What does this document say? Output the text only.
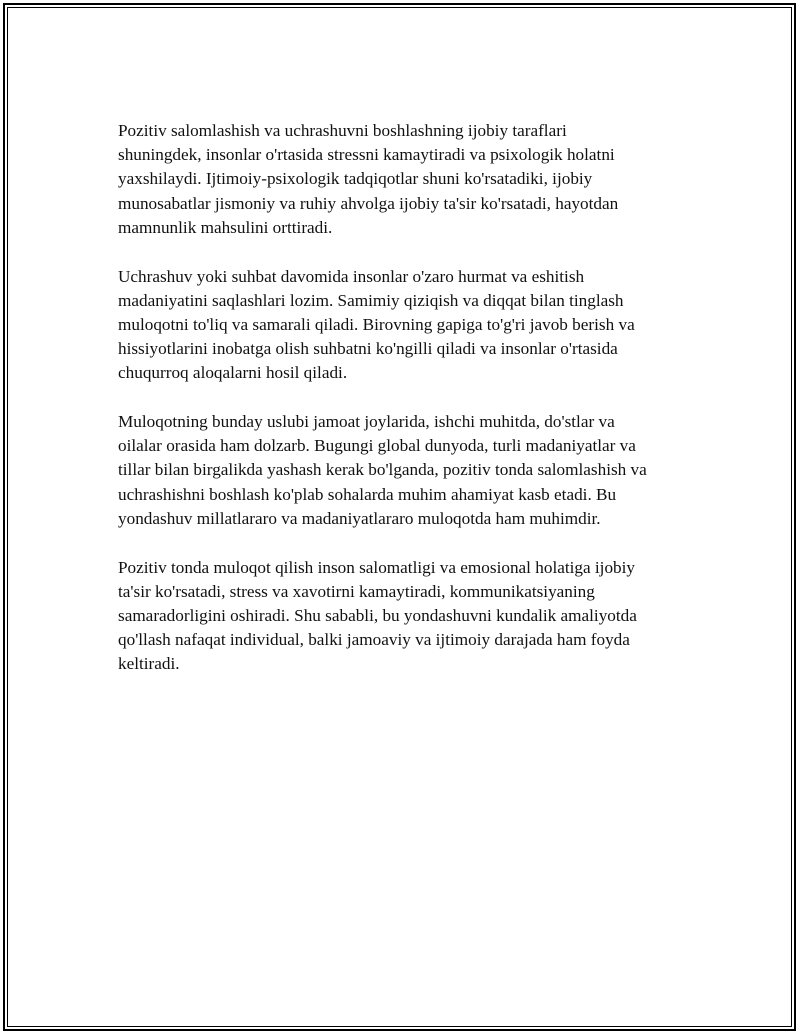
Pozitiv salomlashish va uchrashuvni boshlashning ijobiy taraflari
shuningdek, insonlar o'rtasida stressni kamaytiradi va psixologik holatni
yaxshilaydi. Ijtimoiy-psixologik tadqiqotlar shuni ko'rsatadiki, ijobiy
munosabatlar jismoniy va ruhiy ahvolga ijobiy ta'sir ko'rsatadi, hayotdan
mamnunlik mahsulini orttiradi.

Uchrashuv yoki suhbat davomida insonlar o'zaro hurmat va eshitish
madaniyatini saqlashlari lozim. Samimiy qiziqish va diqqat bilan tinglash
muloqotni to'liq va samarali qiladi. Birovning gapiga to'g'ri javob berish va
hissiyotlarini inobatga olish suhbatni ko'ngilli qiladi va insonlar o'rtasida
chuqurroq aloqalarni hosil qiladi.

Muloqotning bunday uslubi jamoat joylarida, ishchi muhitda, do'stlar va
oilalar orasida ham dolzarb. Bugungi global dunyoda, turli madaniyatlar va
tillar bilan birgalikda yashash kerak bo'lganda, pozitiv tonda salomlashish va
uchrashishni boshlash ko'plab sohalarda muhim ahamiyat kasb etadi. Bu
yondashuv millatlararo va madaniyatlararo muloqotda ham muhimdir.

Pozitiv tonda muloqot qilish inson salomatligi va emosional holatiga ijobiy
ta'sir ko'rsatadi, stress va xavotirni kamaytiradi, kommunikatsiyaning
samaradorligini oshiradi. Shu sababli, bu yondashuvni kundalik amaliyotda
qo'llash nafaqat individual, balki jamoaviy va ijtimoiy darajada ham foyda
keltiradi.
